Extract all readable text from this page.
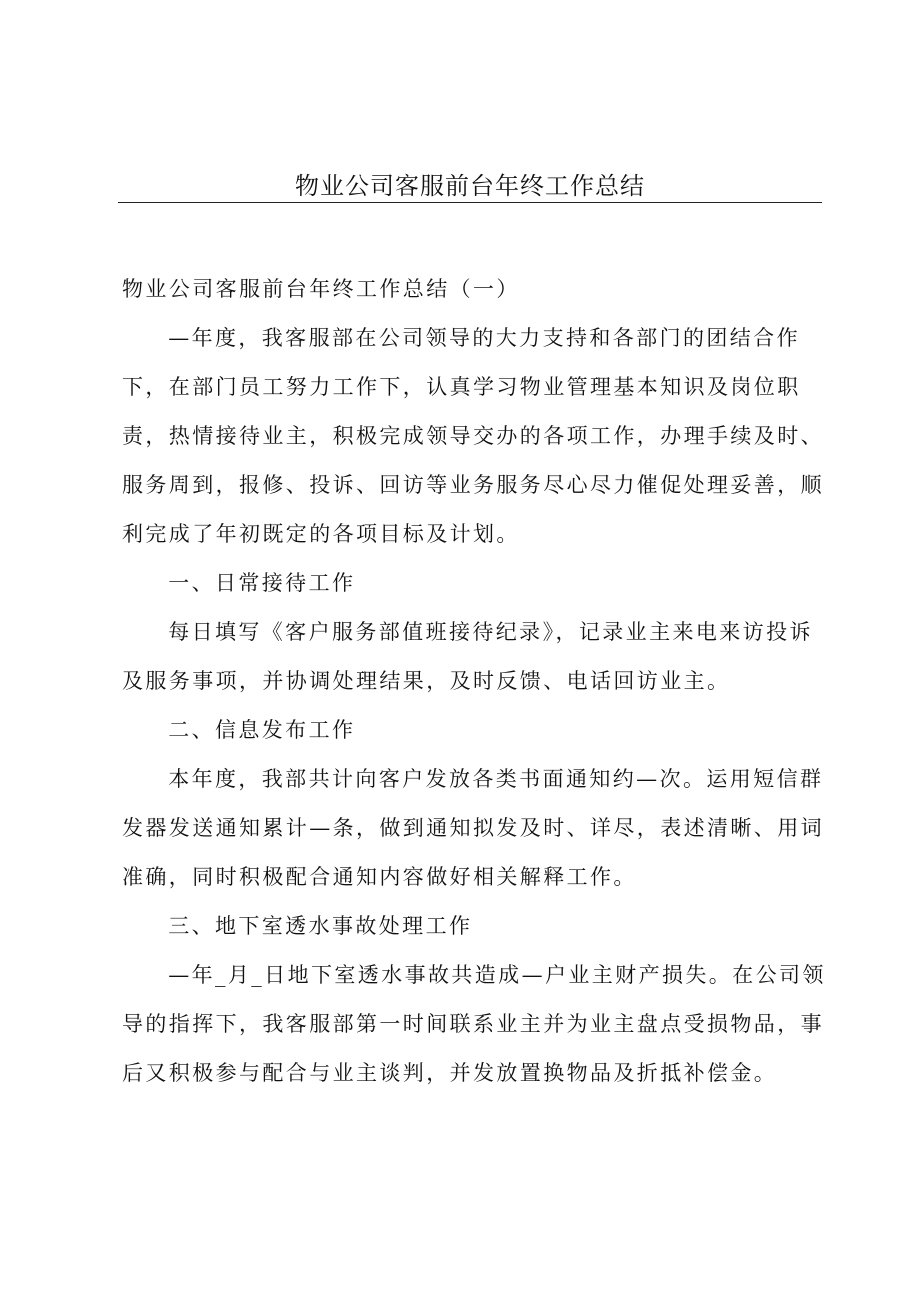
物业公司客服前台年终工作总结

物业公司客服前台年终工作总结（一）

—年度，我客服部在公司领导的大力支持和各部门的团结合作下，在部门员工努力工作下，认真学习物业管理基本知识及岗位职责，热情接待业主，积极完成领导交办的各项工作，办理手续及时、服务周到，报修、投诉、回访等业务服务尽心尽力催促处理妥善，顺利完成了年初既定的各项目标及计划。

一、日常接待工作

每日填写《客户服务部值班接待纪录》，记录业主来电来访投诉及服务事项，并协调处理结果，及时反馈、电话回访业主。

二、信息发布工作

本年度，我部共计向客户发放各类书面通知约—次。运用短信群发器发送通知累计—条，做到通知拟发及时、详尽，表述清晰、用词准确，同时积极配合通知内容做好相关解释工作。

三、地下室透水事故处理工作

—年_月_日地下室透水事故共造成—户业主财产损失。在公司领导的指挥下，我客服部第一时间联系业主并为业主盘点受损物品，事后又积极参与配合与业主谈判，并发放置换物品及折抵补偿金。
